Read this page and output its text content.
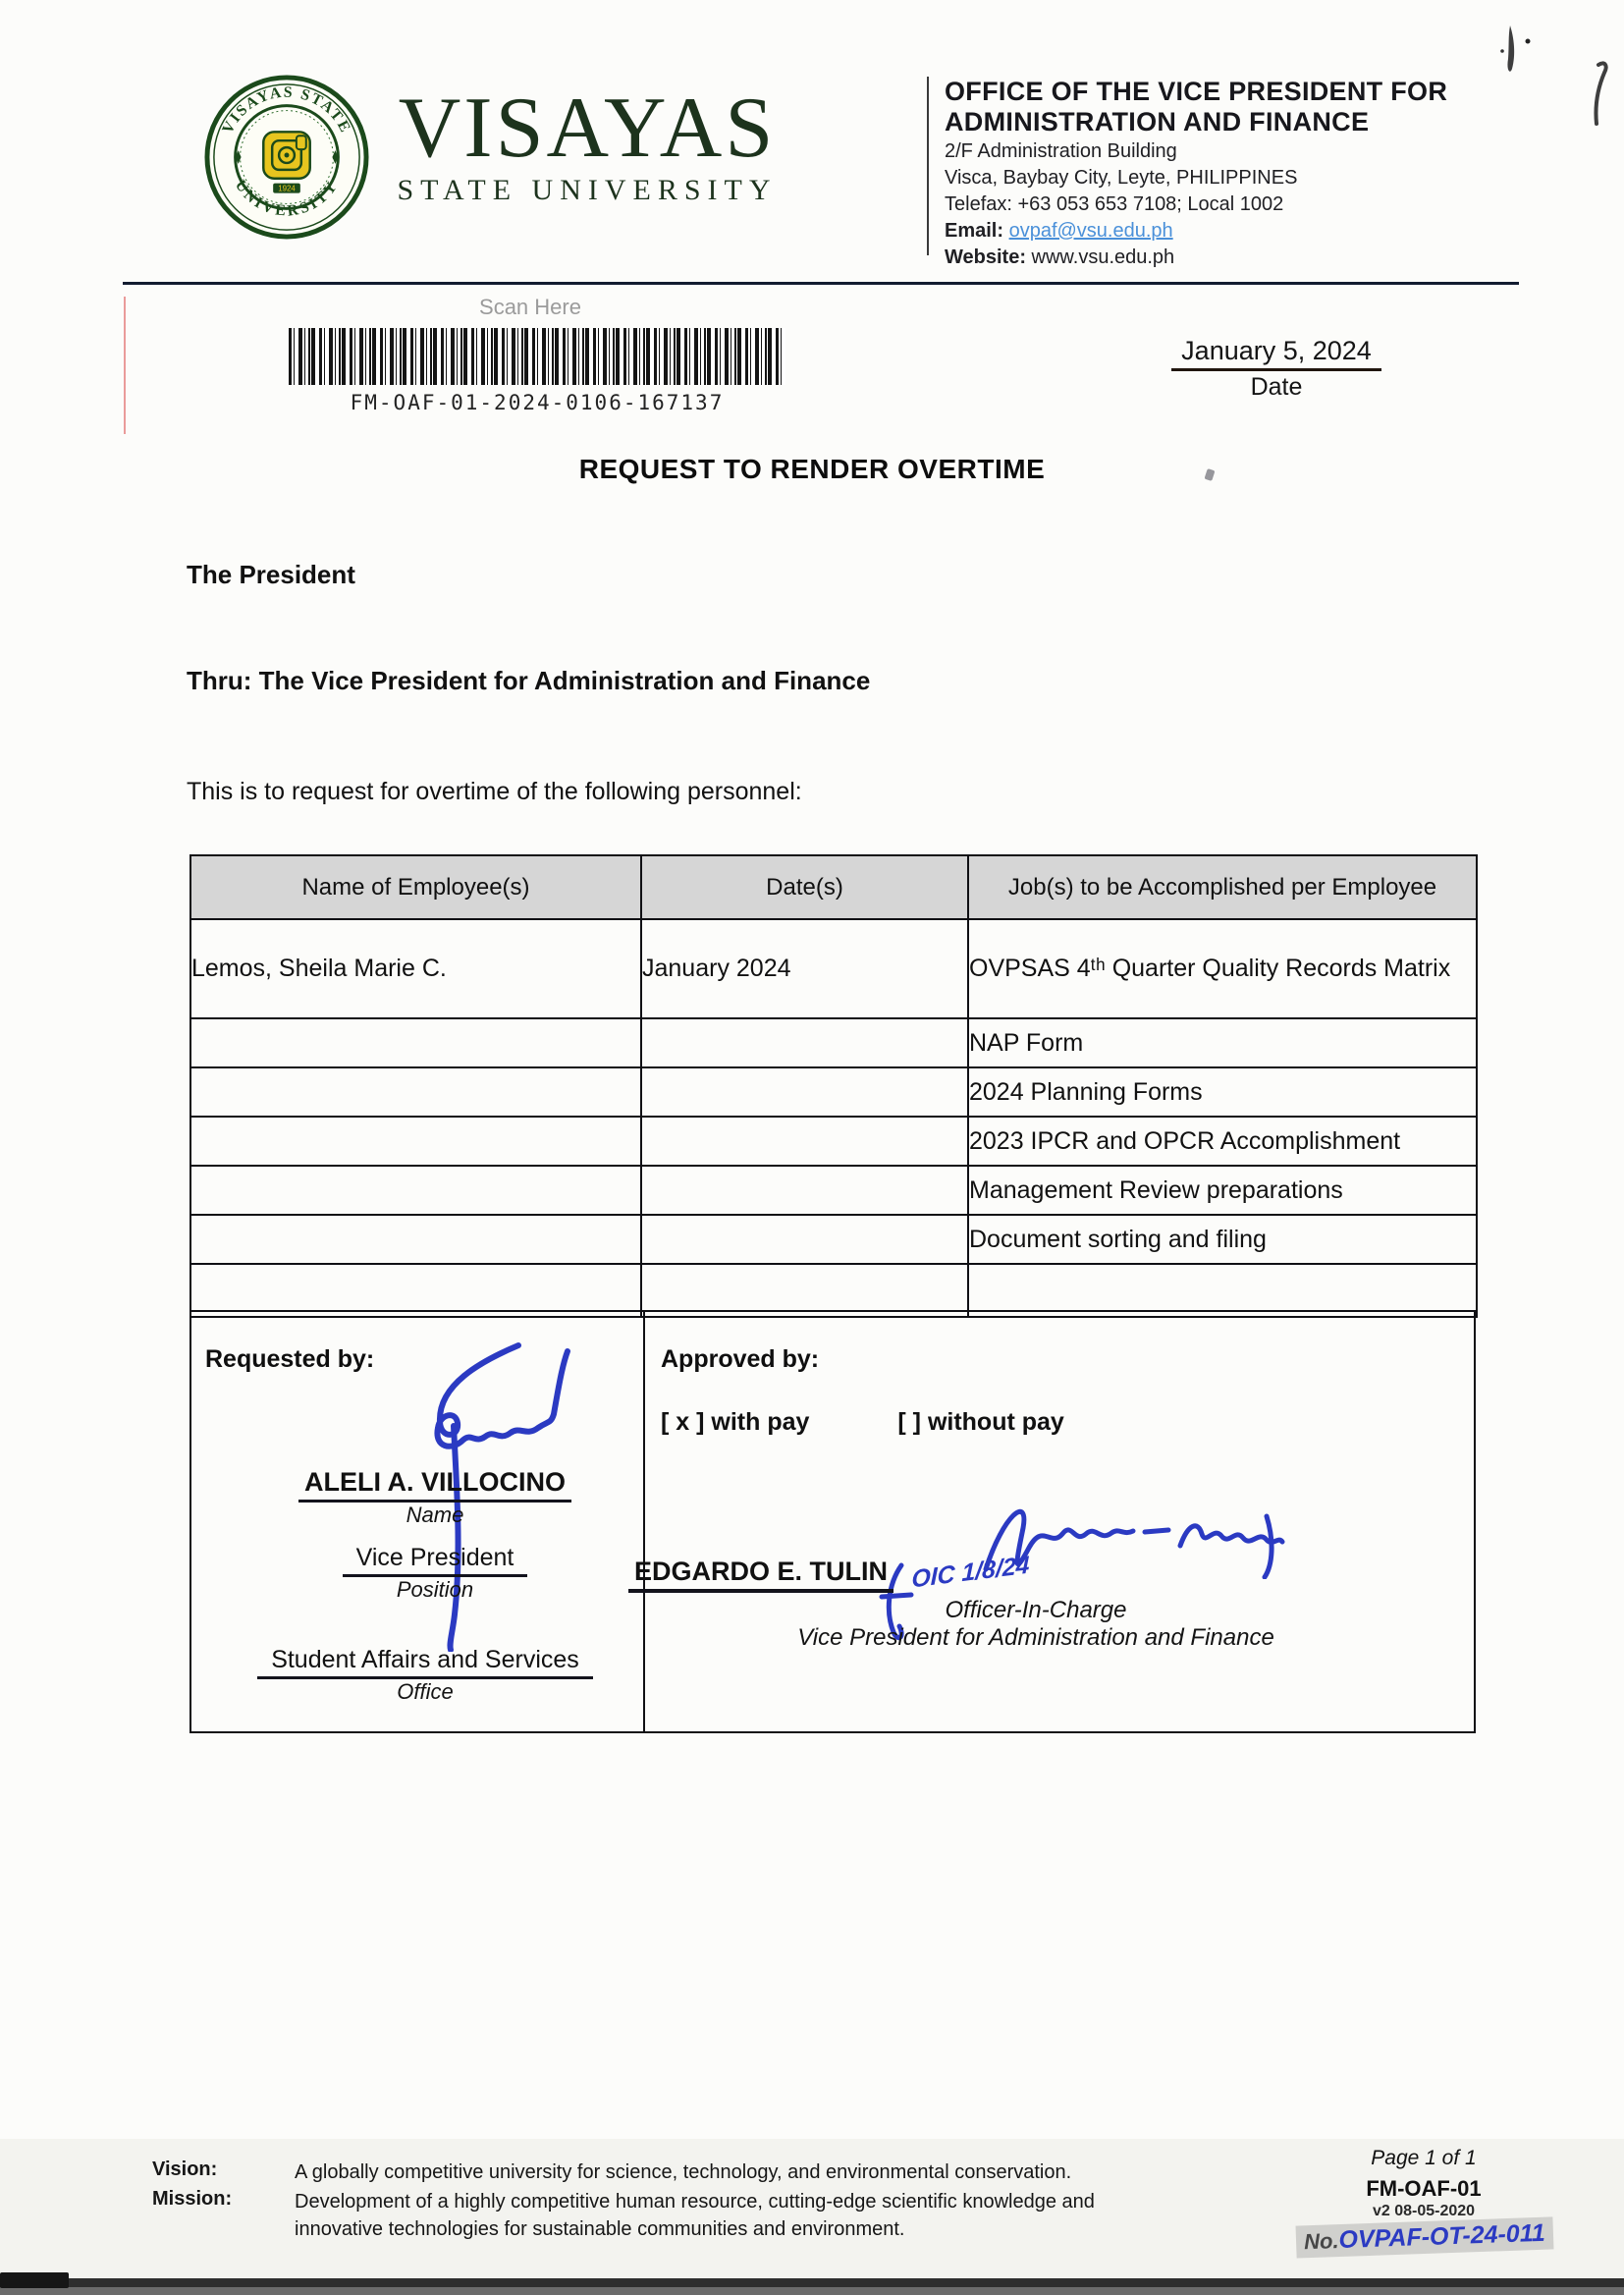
VISAYAS STATE
UNIVERSITY
1924
VISAYAS
STATE UNIVERSITY
OFFICE OF THE VICE PRESIDENT FOR
ADMINISTRATION AND FINANCE
2/F Administration Building
Visca, Baybay City, Leyte, PHILIPPINES
Telefax: +63 053 653 7108; Local 1002
Email: ovpaf@vsu.edu.ph
Website: www.vsu.edu.ph
Scan Here
FM-OAF-01-2024-0106-167137
January 5, 2024
Date
REQUEST TO RENDER OVERTIME
The President
Thru: The Vice President for Administration and Finance
This is to request for overtime of the following personnel:
Name of Employee(s)	Date(s)	Job(s) to be Accomplished per Employee
Lemos, Sheila Marie C.	January 2024	OVPSAS 4ᵗʰ Quarter Quality Records Matrix
		NAP Form
		2024 Planning Forms
		2023 IPCR and OPCR Accomplishment
		Management Review preparations
		Document sorting and filing

Requested by:	Approved by:
[ x ] with pay	[ ] without pay
ALELI A. VILLOCINO
Name
Vice President
Position
Student Affairs and Services
Office
EDGARDO E. TULIN OIC 1/8/24
Officer-In-Charge
Vice President for Administration and Finance
Vision:	A globally competitive university for science, technology, and environmental conservation.
Mission:	Development of a highly competitive human resource, cutting-edge scientific knowledge and innovative technologies for sustainable communities and environment.
Page 1 of 1
FM-OAF-01
v2 08-05-2020
No.OVPAF-OT-24-011
